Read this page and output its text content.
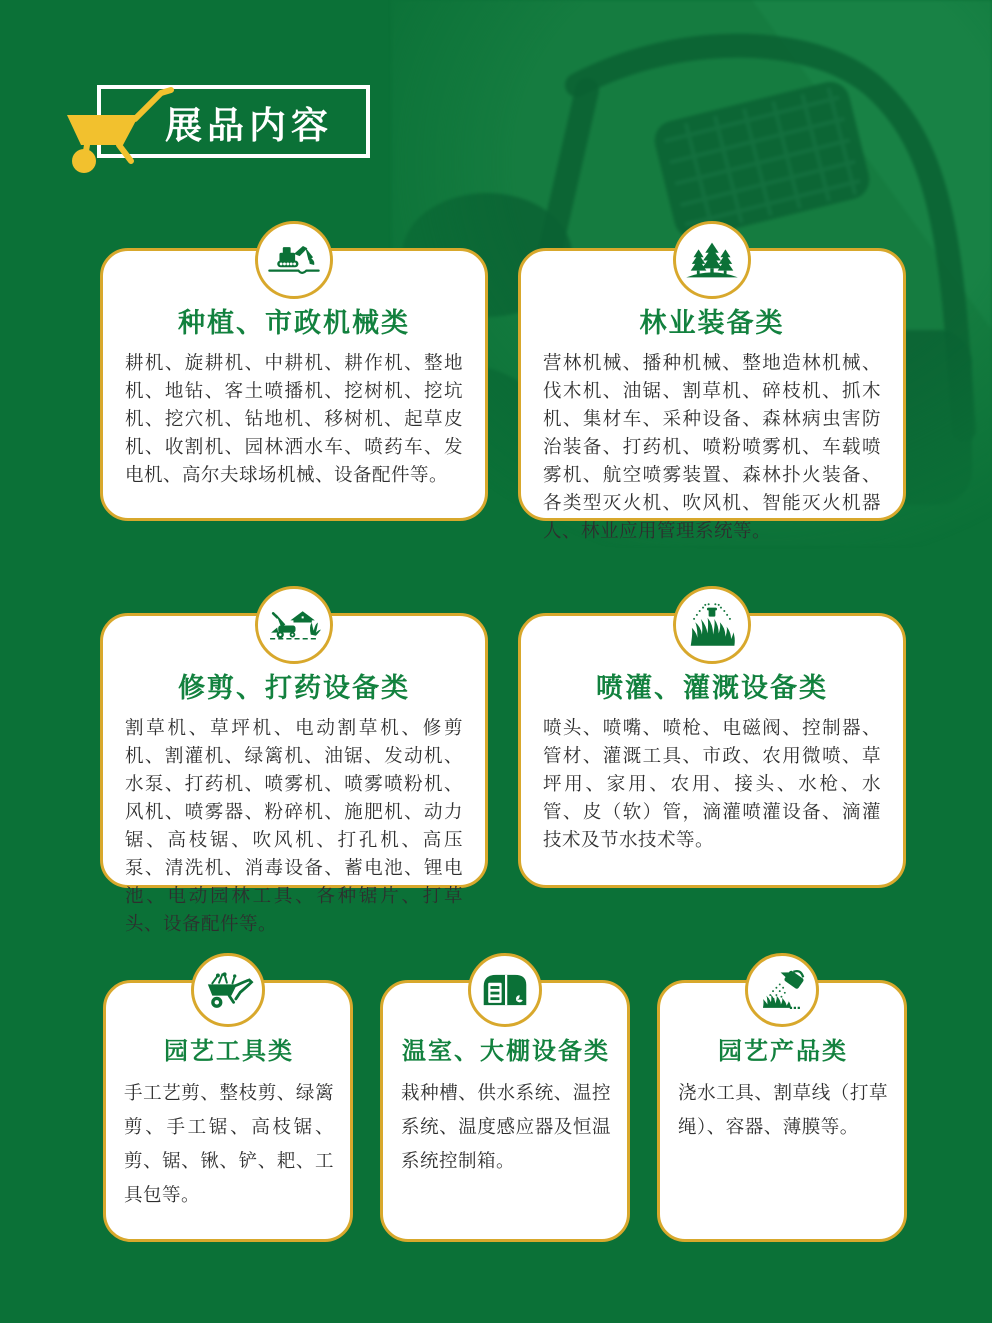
展品内容
种植、市政机械类

耕机、旋耕机、中耕机、耕作机、整地机、地钻、客土喷播机、挖树机、挖坑机、挖穴机、钻地机、移树机、起草皮机、收割机、园林洒水车、喷药车、发电机、高尔夫球场机械、设备配件等。

林业装备类

营林机械、播种机械、整地造林机械、伐木机、油锯、割草机、碎枝机、抓木机、集材车、采种设备、森林病虫害防治装备、打药机、喷粉喷雾机、车载喷雾机、航空喷雾装置、森林扑火装备、各类型灭火机、吹风机、智能灭火机器人、林业应用管理系统等。

修剪、打药设备类

割草机、草坪机、电动割草机、修剪机、割灌机、绿篱机、油锯、发动机、水泵、打药机、喷雾机、喷雾喷粉机、风机、喷雾器、粉碎机、施肥机、动力锯、高枝锯、吹风机、打孔机、高压泵、清洗机、消毒设备、蓄电池、锂电池、电动园林工具、各种锯片、打草头、设备配件等。

喷灌、灌溉设备类

喷头、喷嘴、喷枪、电磁阀、控制器、管材、灌溉工具、市政、农用微喷、草坪用、家用、农用、接头、水枪、水管、皮（软）管，滴灌喷灌设备、滴灌技术及节水技术等。

园艺工具类

手工艺剪、整枝剪、绿篱剪、手工锯、高枝锯、剪、锯、锹、铲、耙、工具包等。

温室、大棚设备类

栽种槽、供水系统、温控系统、温度感应器及恒温系统控制箱。

园艺产品类

浇水工具、割草线（打草绳）、容器、薄膜等。
